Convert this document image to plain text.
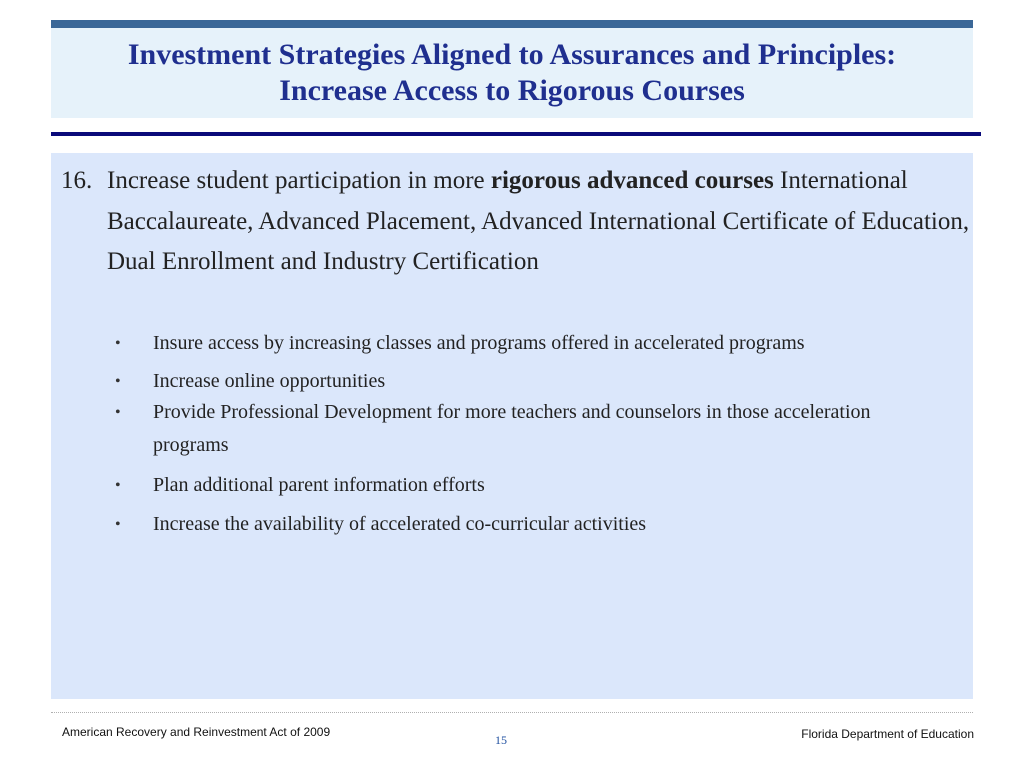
Investment Strategies Aligned to Assurances and Principles:
Increase Access to Rigorous Courses
16. Increase student participation in more rigorous advanced courses International Baccalaureate, Advanced Placement, Advanced International Certificate of Education, Dual Enrollment and Industry Certification
• Insure access by increasing classes and programs offered in accelerated programs
• Increase online opportunities
• Provide Professional Development for more teachers and counselors in those acceleration programs
• Plan additional parent information efforts
• Increase the availability of accelerated co-curricular activities
American Recovery and Reinvestment Act of 2009
15	Florida Department of Education
